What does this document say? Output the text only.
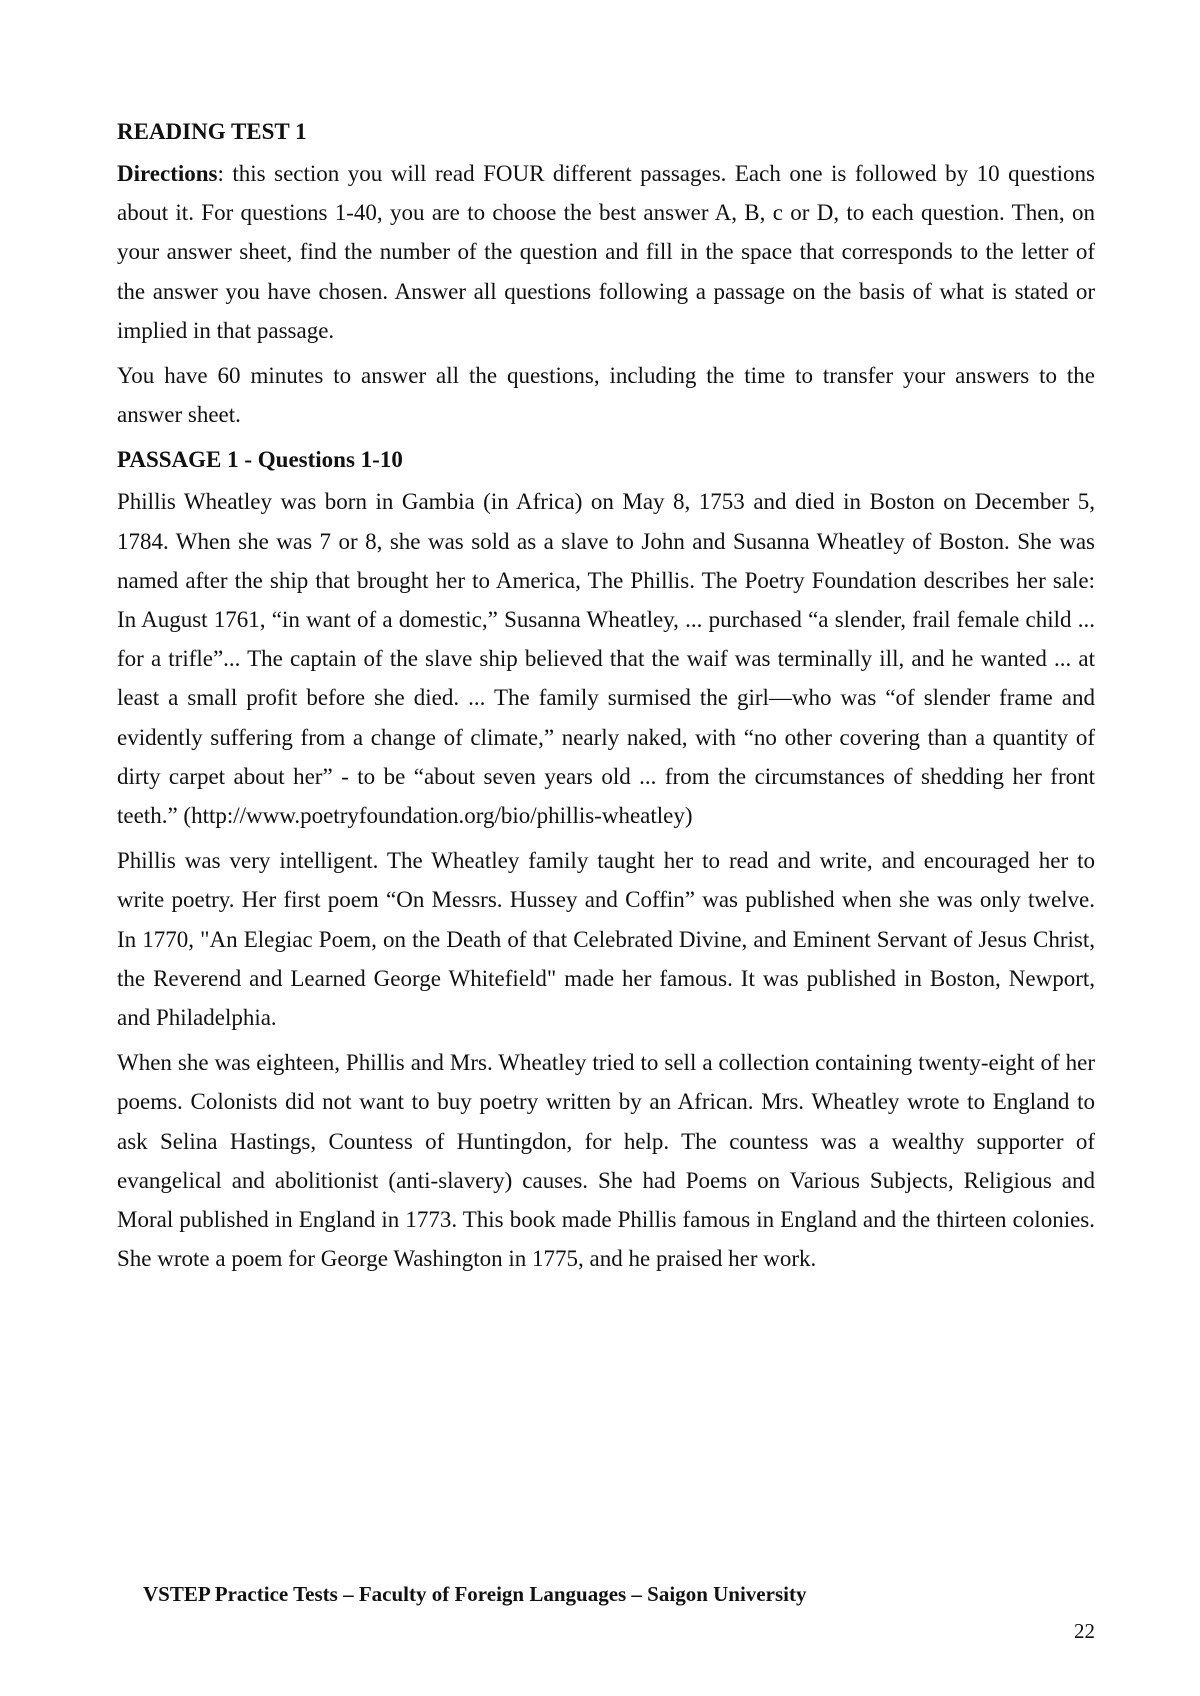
READING TEST 1

Directions: this section you will read FOUR different passages. Each one is followed by 10 questions about it. For questions 1-40, you are to choose the best answer A, B, c or D, to each question. Then, on your answer sheet, find the number of the question and fill in the space that corresponds to the letter of the answer you have chosen. Answer all questions following a passage on the basis of what is stated or implied in that passage.

You have 60 minutes to answer all the questions, including the time to transfer your answers to the answer sheet.

PASSAGE 1 - Questions 1-10

Phillis Wheatley was born in Gambia (in Africa) on May 8, 1753 and died in Boston on December 5, 1784. When she was 7 or 8, she was sold as a slave to John and Susanna Wheatley of Boston. She was named after the ship that brought her to America, The Phillis. The Poetry Foundation describes her sale: In August 1761, “in want of a domestic,” Susanna Wheatley, ... purchased “a slender, frail female child ... for a trifle”... The captain of the slave ship believed that the waif was terminally ill, and he wanted ... at least a small profit before she died. ... The family surmised the girl—who was “of slender frame and evidently suffering from a change of climate,” nearly naked, with “no other covering than a quantity of dirty carpet about her” - to be “about seven years old ... from the circumstances of shedding her front teeth.” (http://www.poetryfoundation.org/bio/phillis-wheatley)

Phillis was very intelligent. The Wheatley family taught her to read and write, and encouraged her to write poetry. Her first poem “On Messrs. Hussey and Coffin” was published when she was only twelve. In 1770, "An Elegiac Poem, on the Death of that Celebrated Divine, and Eminent Servant of Jesus Christ, the Reverend and Learned George Whitefield" made her famous. It was published in Boston, Newport, and Philadelphia.

When she was eighteen, Phillis and Mrs. Wheatley tried to sell a collection containing twenty-eight of her poems. Colonists did not want to buy poetry written by an African. Mrs. Wheatley wrote to England to ask Selina Hastings, Countess of Huntingdon, for help. The countess was a wealthy supporter of evangelical and abolitionist (anti-slavery) causes. She had Poems on Various Subjects, Religious and Moral published in England in 1773. This book made Phillis famous in England and the thirteen colonies. She wrote a poem for George Washington in 1775, and he praised her work.

VSTEP Practice Tests – Faculty of Foreign Languages – Saigon University
22
